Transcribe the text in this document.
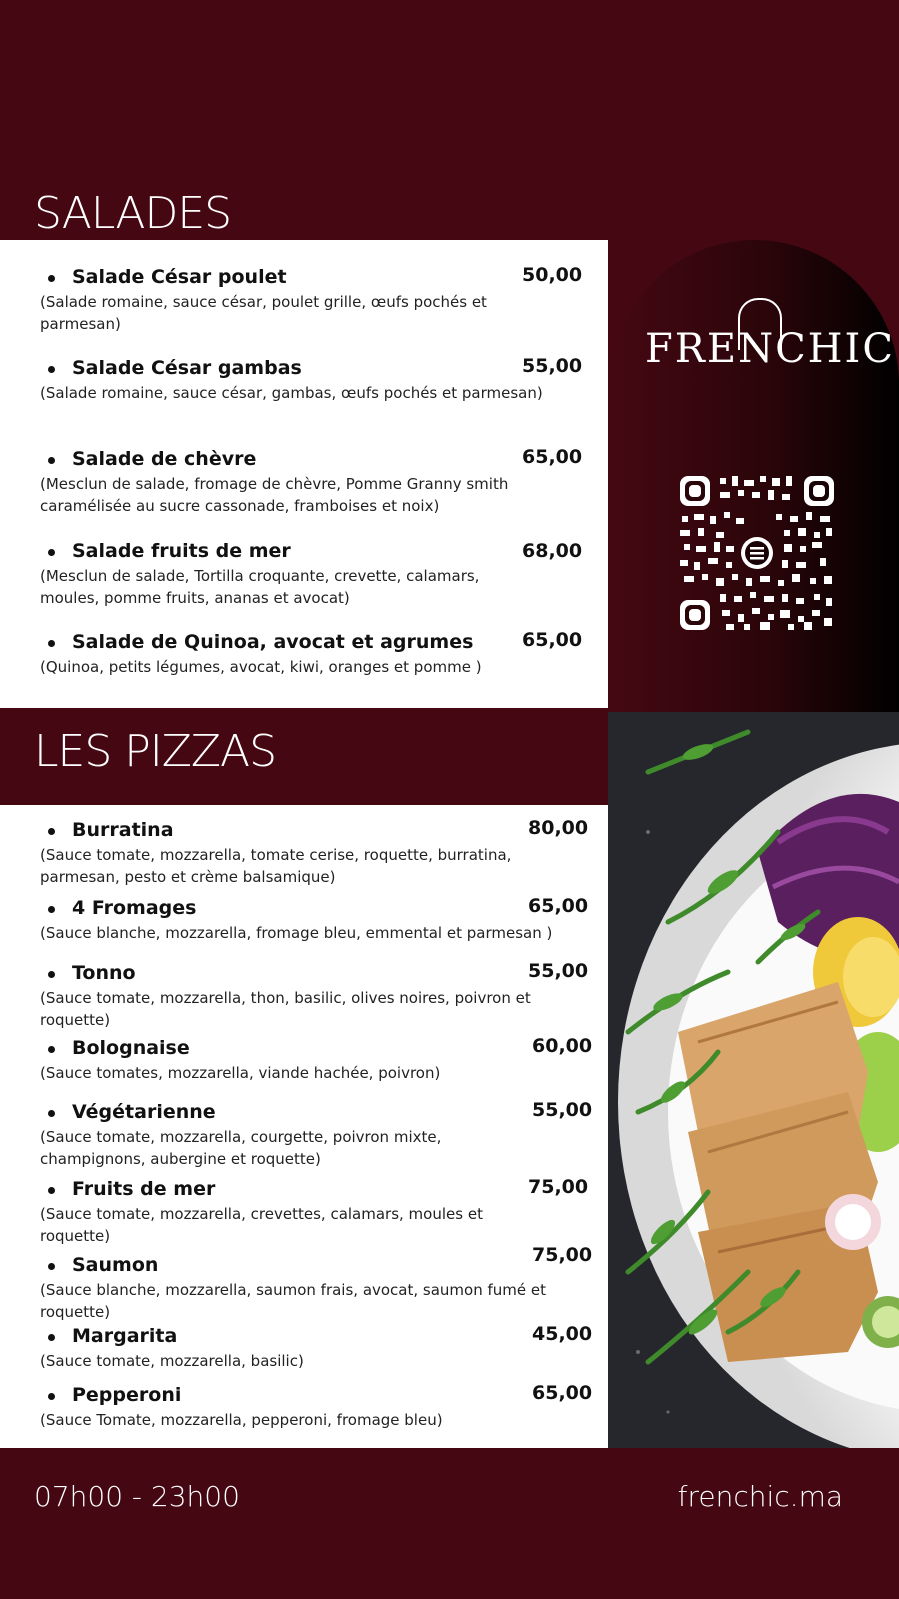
SALADES
Salade César poulet	50,00
(Salade romaine, sauce césar, poulet grille, œufs pochés et parmesan)
Salade César gambas	55,00
(Salade romaine, sauce césar, gambas, œufs pochés et parmesan)
Salade de chèvre	65,00
(Mesclun de salade, fromage de chèvre, Pomme Granny smith caramélisée au sucre cassonade, framboises et noix)
Salade fruits de mer	68,00
(Mesclun de salade, Tortilla croquante, crevette, calamars, moules, pomme fruits, ananas et avocat)
Salade de Quinoa, avocat et agrumes	65,00
(Quinoa, petits légumes, avocat, kiwi, oranges et pomme )
LES PIZZAS
Burratina	80,00
(Sauce tomate, mozzarella, tomate cerise, roquette, burratina, parmesan, pesto et crème balsamique)
4 Fromages	65,00
(Sauce blanche, mozzarella, fromage bleu, emmental et parmesan )
Tonno	55,00
(Sauce tomate, mozzarella, thon, basilic, olives noires, poivron et roquette)
Bolognaise	60,00
(Sauce tomates, mozzarella, viande hachée, poivron)
Végétarienne	55,00
(Sauce tomate, mozzarella, courgette, poivron mixte, champignons, aubergine et roquette)
Fruits de mer	75,00
(Sauce tomate, mozzarella, crevettes, calamars, moules et roquette)
Saumon	75,00
(Sauce blanche, mozzarella, saumon frais, avocat, saumon fumé et roquette)
Margarita	45,00
(Sauce tomate, mozzarella, basilic)
Pepperoni	65,00
(Sauce Tomate, mozzarella, pepperoni, fromage bleu)
FRENCHIC
07h00 - 23h00	frenchic.ma
